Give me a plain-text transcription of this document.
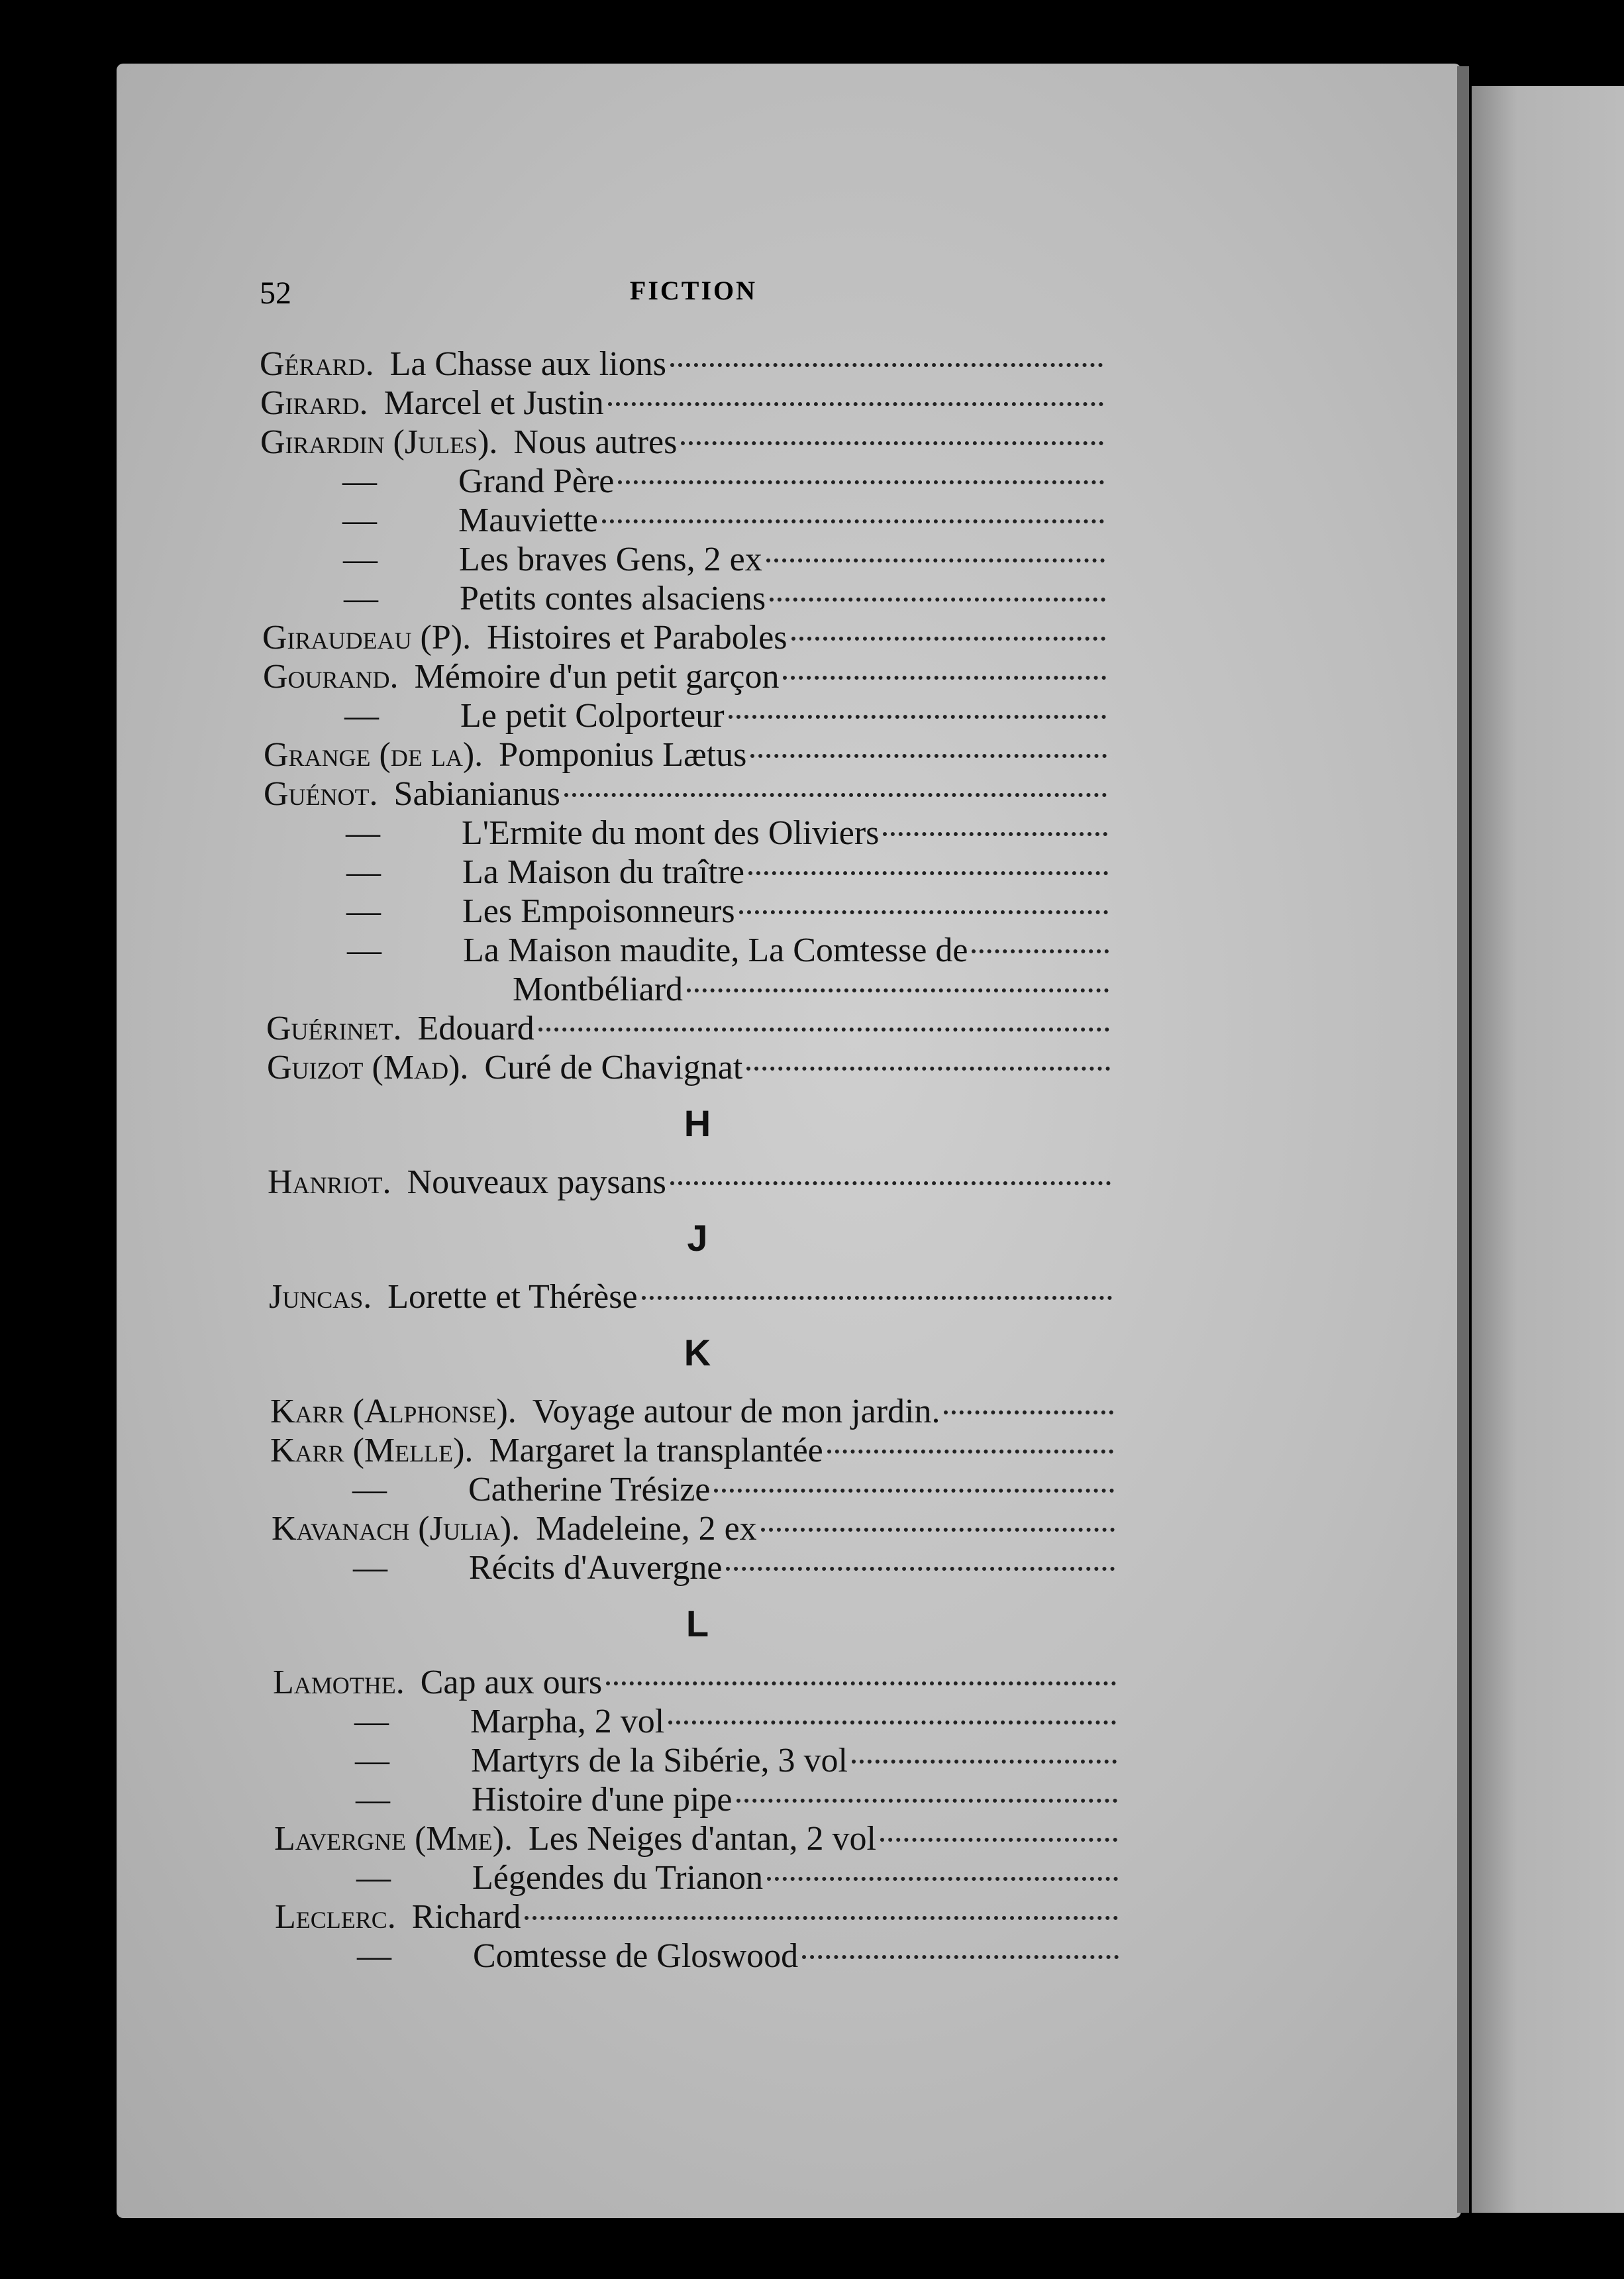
52	FICTION
Gérard. La Chasse aux lions
Girard. Marcel et Justin
Girardin (Jules). Nous autres
— Grand Père
— Mauviette
— Les braves Gens, 2 ex
— Petits contes alsaciens
Giraudeau (P). Histoires et Paraboles
Gourand. Mémoire d'un petit garçon
— Le petit Colporteur
Grange (de la). Pomponius Lætus
Guénot. Sabianianus
— L'Ermite du mont des Oliviers
— La Maison du traître
— Les Empoisonneurs
— La Maison maudite, La Comtesse de
Montbéliard
Guérinet. Edouard
Guizot (Mad). Curé de Chavignat
H
Hanriot. Nouveaux paysans
J
Juncas. Lorette et Thérèse
K
Karr (Alphonse). Voyage autour de mon jardin.
Karr (Melle). Margaret la transplantée
— Catherine Trésize
Kavanach (Julia). Madeleine, 2 ex
— Récits d'Auvergne
L
Lamothe. Cap aux ours
— Marpha, 2 vol
— Martyrs de la Sibérie, 3 vol
— Histoire d'une pipe
Lavergne (Mme). Les Neiges d'antan, 2 vol
— Légendes du Trianon
Leclerc. Richard
— Comtesse de Gloswood
